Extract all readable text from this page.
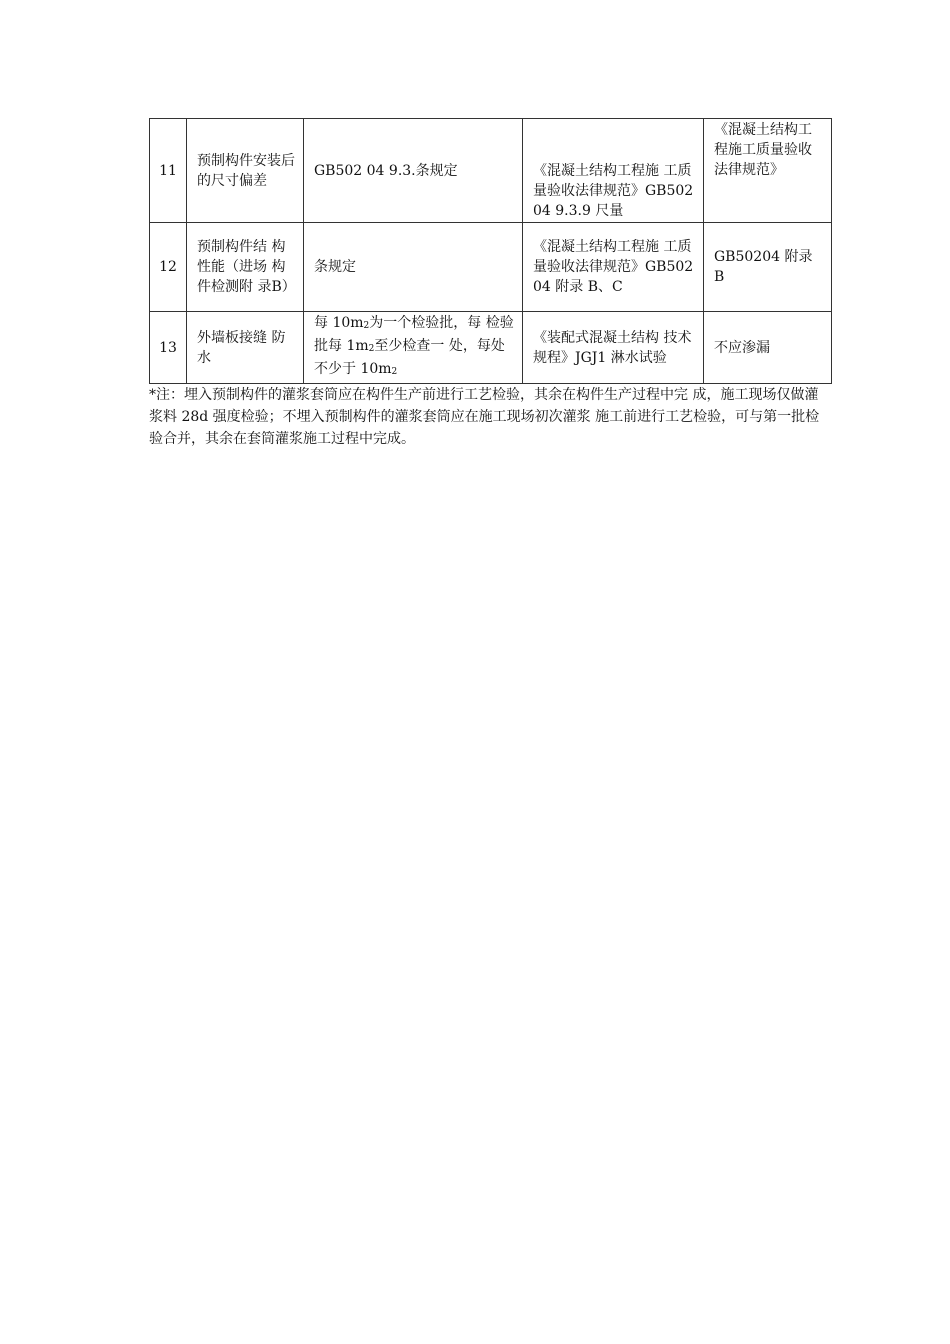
11	预制构件安装后的尺寸偏差	GB502 04 9.3.条规定	《混凝土结构工程施 工质量验收法律规范》GB50204 9.3.9 尺量	《混凝土结构工程施工质量验收法律规范》
12	预制构件结 构性能（进场 构件检测附 录B）	条规定	《混凝土结构工程施 工质量验收法律规范》GB50204 附录 B、C	GB50204 附录 B
13	外墙板接缝 防水	每 $10m_2$为一个检验批，每 检验批每 $1m_2$至少检查一 处，每处不少于 $10m_2$	《装配式混凝土结构 技术规程》JGJ1 淋水试验	不应渗漏
*注：埋入预制构件的灌浆套筒应在构件生产前进行工艺检验，其余在构件生产过程中完 成，施工现场仅做灌浆料 28d 强度检验；不埋入预制构件的灌浆套筒应在施工现场初次灌浆 施工前进行工艺检验，可与第一批检验合并，其余在套筒灌浆施工过程中完成。
